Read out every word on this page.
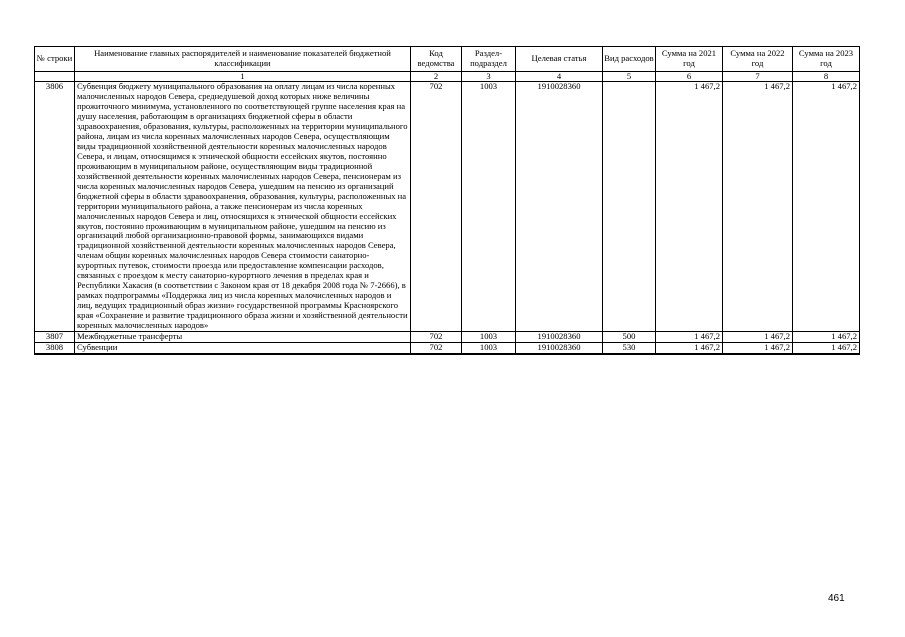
№ строки	Наименование главных распорядителей и наименование показателей бюджетной классификации	Код ведомства	Раздел-подраздел	Целевая статья	Вид расходов	Сумма на 2021 год	Сумма на 2022 год	Сумма на 2023 год
	1	2	3	4	5	6	7	8
3806	Субвенция бюджету муниципального образования на оплату лицам из числа коренных малочисленных народов Севера, среднедушевой доход которых ниже величины прожиточного минимума, установленного по соответствующей группе населения края на душу населения, работающим в организациях бюджетной сферы в области здравоохранения, образования, культуры, расположенных на территории муниципального района, лицам из числа коренных малочисленных народов Севера, осуществляющим виды традиционной хозяйственной деятельности коренных малочисленных народов Севера, и лицам, относящимся к этнической общности ессейских якутов, постоянно проживающим в муниципальном районе, осуществляющим виды традиционной хозяйственной деятельности коренных малочисленных народов Севера, пенсионерам из числа коренных малочисленных народов Севера, ушедшим на пенсию из организаций бюджетной сферы в области здравоохранения, образования, культуры, расположенных на территории муниципального района, а также пенсионерам из числа коренных малочисленных народов Севера и лиц, относящихся к этнической общности ессейских якутов, постоянно проживающим в муниципальном районе, ушедшим на пенсию из организаций любой организационно-правовой формы, занимающихся видами традиционной хозяйственной деятельности коренных малочисленных народов Севера, членам общин коренных малочисленных народов Севера стоимости санаторно-курортных путевок, стоимости проезда или предоставление компенсации расходов, связанных с проездом к месту санаторно-курортного лечения в пределах края и Республики Хакасия (в соответствии с Законом края от 18 декабря 2008 года № 7-2666), в рамках подпрограммы «Поддержка лиц из числа коренных малочисленных народов и лиц, ведущих традиционный образ жизни» государственной программы Красноярского края «Сохранение и развитие традиционного образа жизни и хозяйственной деятельности коренных малочисленных народов»	702	1003	1910028360		1 467,2	1 467,2	1 467,2
3807	Межбюджетные трансферты	702	1003	1910028360	500	1 467,2	1 467,2	1 467,2
3808	Субвенции	702	1003	1910028360	530	1 467,2	1 467,2	1 467,2
461
